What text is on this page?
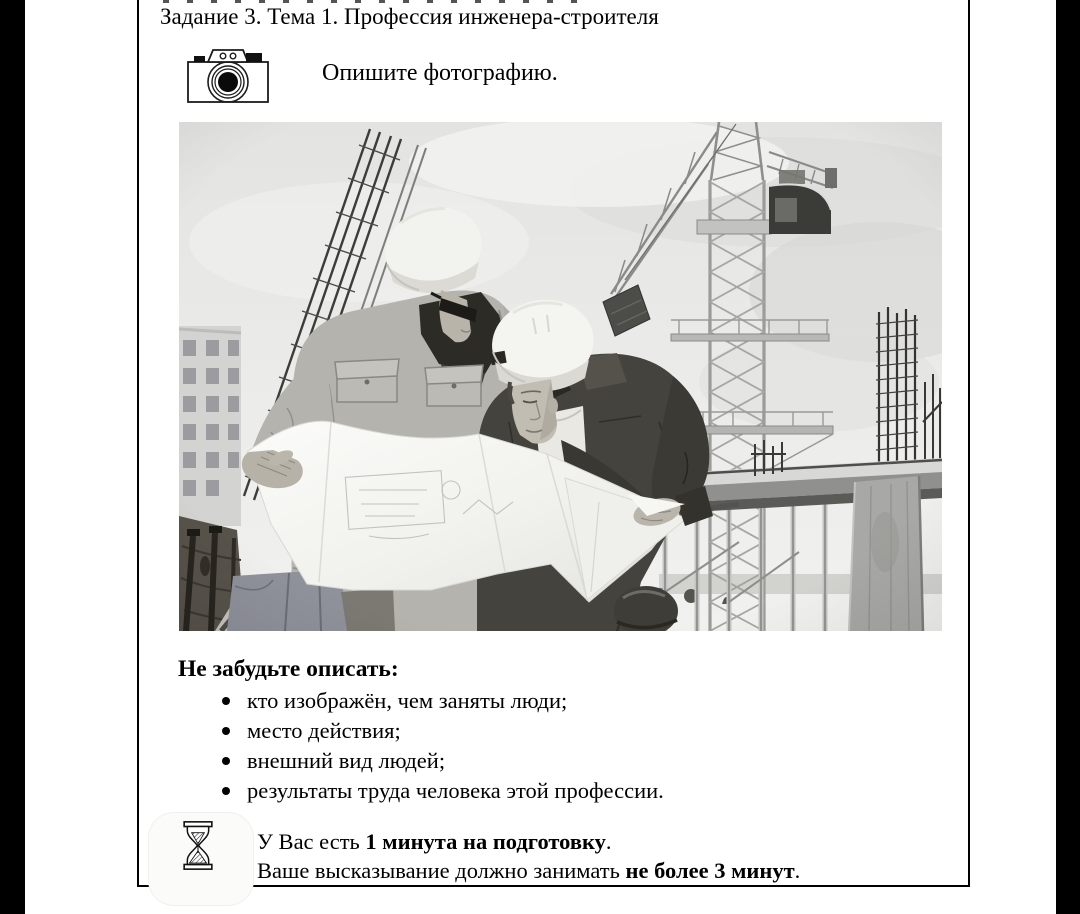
Задание 3. Тема 1. Профессия инженера-строителя
Опишите фотографию.
Не забудьте описать:
кто изображён, чем заняты люди;
место действия;
внешний вид людей;
результаты труда человека этой профессии.
У Вас есть 1 минута на подготовку.
Ваше высказывание должно занимать не более 3 минут.
